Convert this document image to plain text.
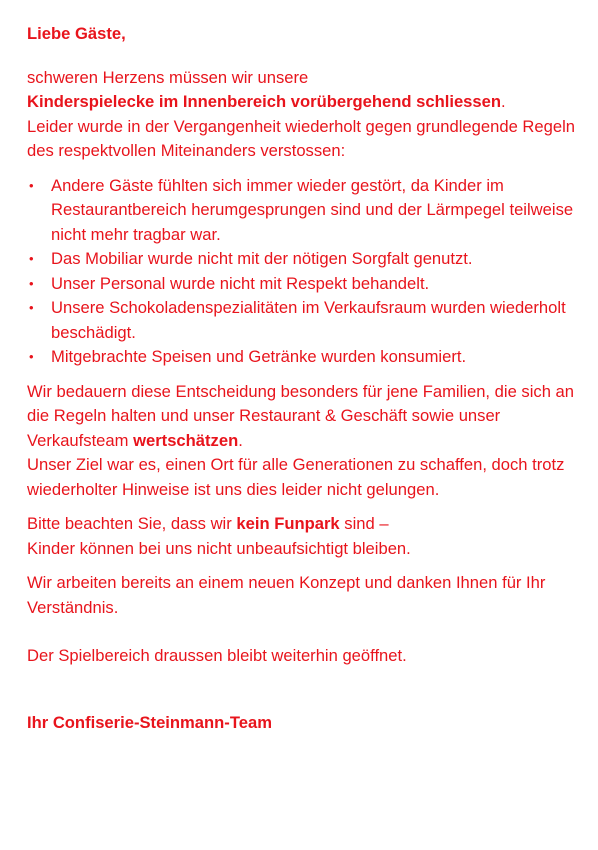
Liebe Gäste,

schweren Herzens müssen wir unsere
Kinderspielecke im Innenbereich vorübergehend schliessen.
Leider wurde in der Vergangenheit wiederholt gegen grundlegende Regeln des respektvollen Miteinanders verstossen:

• Andere Gäste fühlten sich immer wieder gestört, da Kinder im Restaurantbereich herumgesprungen sind und der Lärmpegel teilweise nicht mehr tragbar war.
• Das Mobiliar wurde nicht mit der nötigen Sorgfalt genutzt.
• Unser Personal wurde nicht mit Respekt behandelt.
• Unsere Schokoladenspezialitäten im Verkaufsraum wurden wiederholt beschädigt.
• Mitgebrachte Speisen und Getränke wurden konsumiert.

Wir bedauern diese Entscheidung besonders für jene Familien, die sich an die Regeln halten und unser Restaurant & Geschäft sowie unser Verkaufsteam wertschätzen.
Unser Ziel war es, einen Ort für alle Generationen zu schaffen, doch trotz wiederholter Hinweise ist uns dies leider nicht gelungen.

Bitte beachten Sie, dass wir kein Funpark sind –
Kinder können bei uns nicht unbeaufsichtigt bleiben.

Wir arbeiten bereits an einem neuen Konzept und danken Ihnen für Ihr Verständnis.

Der Spielbereich draussen bleibt weiterhin geöffnet.

Ihr Confiserie-Steinmann-Team
